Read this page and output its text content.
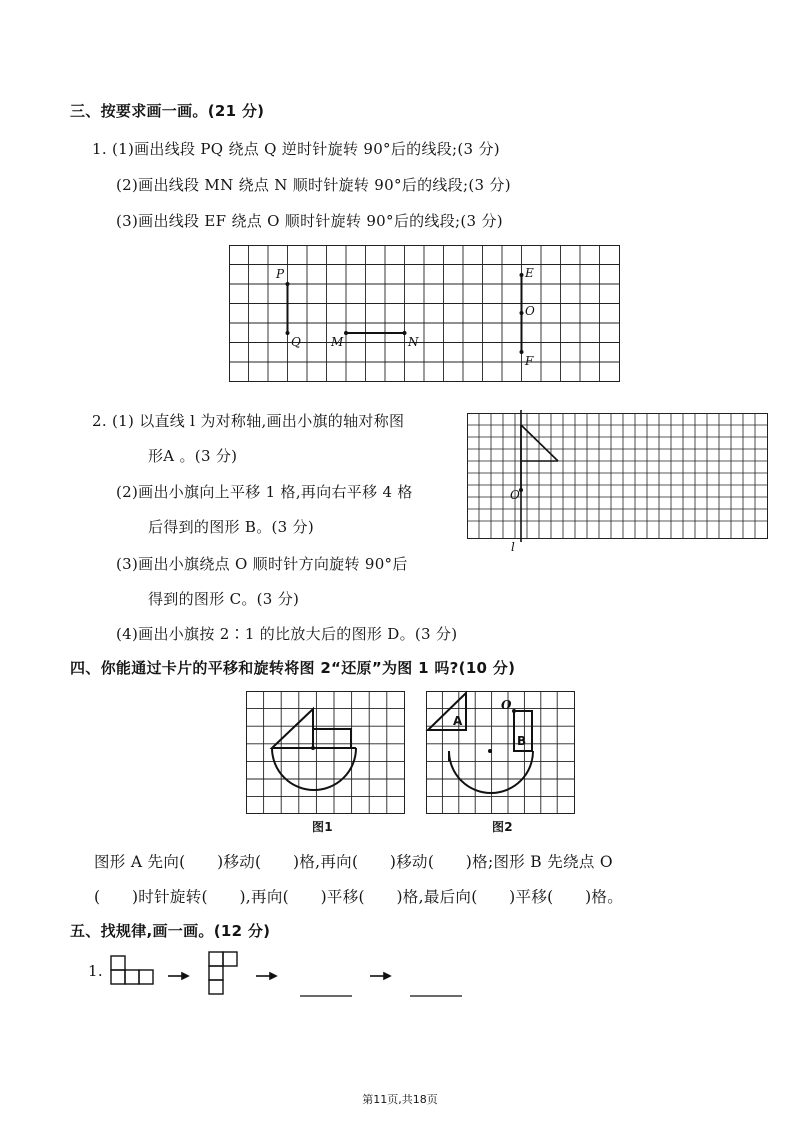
三、按要求画一画。(21 分)
1. (1)画出线段 PQ 绕点 Q 逆时针旋转 90°后的线段;(3 分)
(2)画出线段 MN 绕点 N 顺时针旋转 90°后的线段;(3 分)
(3)画出线段 EF 绕点 O 顺时针旋转 90°后的线段;(3 分)
P
Q	M	N
E
O
F
2. (1) 以直线 l 为对称轴,画出小旗的轴对称图
形A 。(3 分)
(2)画出小旗向上平移 1 格,再向右平移 4 格
后得到的图形 B。(3 分)
(3)画出小旗绕点 O 顺时针方向旋转 90°后
得到的图形 C。(3 分)
(4)画出小旗按 2∶1 的比放大后的图形 D。(3 分)
O
l
四、你能通过卡片的平移和旋转将图 2“还原”为图 1 吗?(10 分)
图1
A
B
O
图2
图形 A 先向(　　)移动(　　)格,再向(　　)移动(　　)格;图形 B 先绕点 O
(　　)时针旋转(　　),再向(　　)平移(　　)格,最后向(　　)平移(　　)格。
五、找规律,画一画。(12 分)
1.
第11页,共18页
